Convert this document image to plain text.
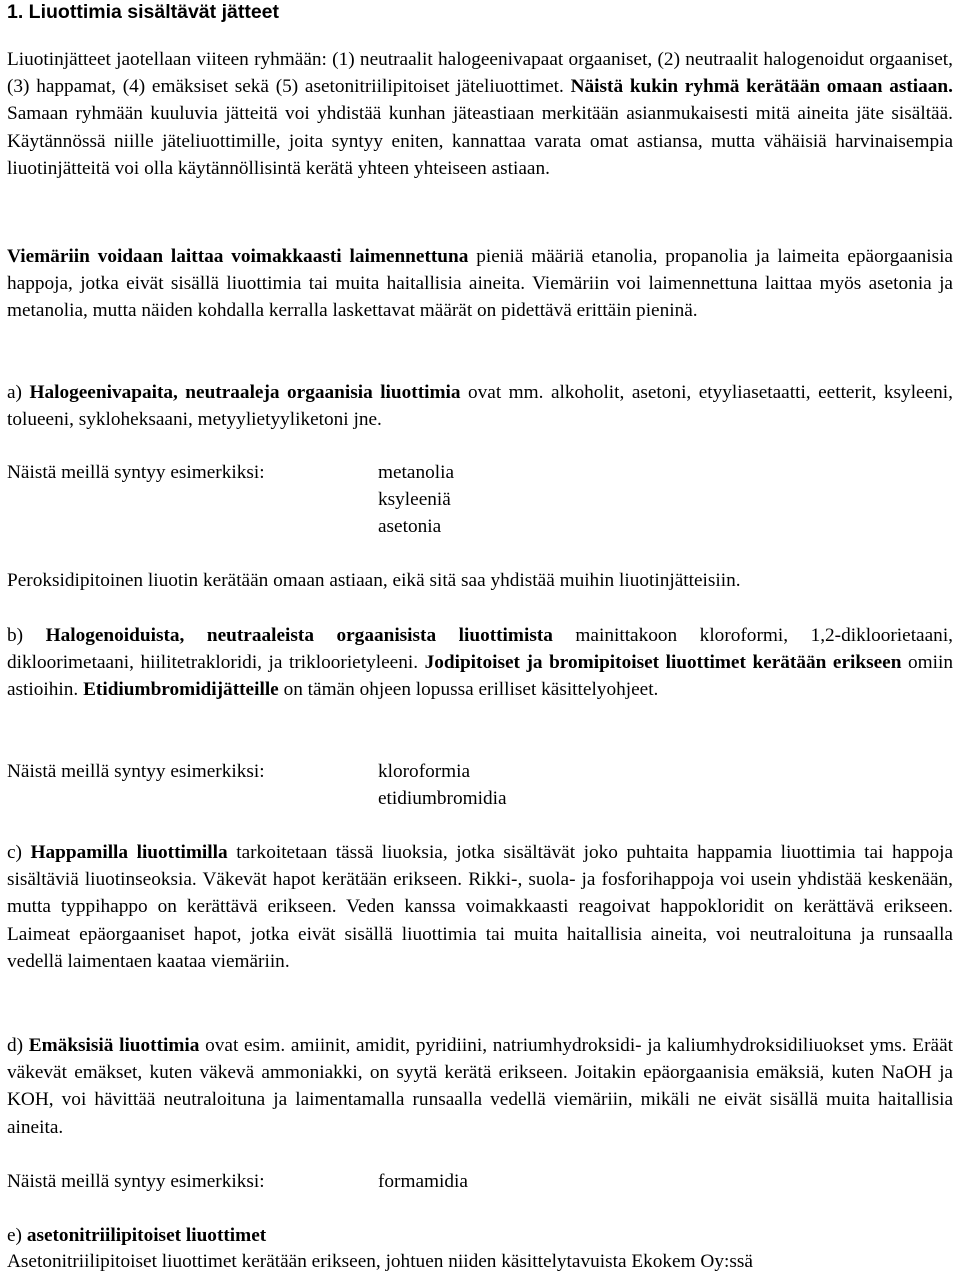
1. Liuottimia sisältävät jätteet

Liuotinjätteet jaotellaan viiteen ryhmään: (1) neutraalit halogeenivapaat orgaaniset, (2) neutraalit halogenoidut orgaaniset, (3) happamat, (4) emäksiset sekä (5) asetonitriilipitoiset jäteliuottimet. Näistä kukin ryhmä kerätään omaan astiaan. Samaan ryhmään kuuluvia jätteitä voi yhdistää kunhan jäteastiaan merkitään asianmukaisesti mitä aineita jäte sisältää. Käytännössä niille jäteliuottimille, joita syntyy eniten, kannattaa varata omat astiansa, mutta vähäisiä harvinaisempia liuotinjätteitä voi olla käytännöllisintä kerätä yhteen yhteiseen astiaan.

Viemäriin voidaan laittaa voimakkaasti laimennettuna pieniä määriä etanolia, propanolia ja laimeita epäorgaanisia happoja, jotka eivät sisällä liuottimia tai muita haitallisia aineita. Viemäriin voi laimennettuna laittaa myös asetonia ja metanolia, mutta näiden kohdalla kerralla laskettavat määrät on pidettävä erittäin pieninä.

a) Halogeenivapaita, neutraaleja orgaanisia liuottimia ovat mm. alkoholit, asetoni, etyyliasetaatti, eetterit, ksyleeni, tolueeni, sykloheksaani, metyylietyyliketoni jne.

Näistä meillä syntyy esimerkiksi:	metanolia
ksyleeniä
asetonia

Peroksidipitoinen liuotin kerätään omaan astiaan, eikä sitä saa yhdistää muihin liuotinjätteisiin.

b) Halogenoiduista, neutraaleista orgaanisista liuottimista mainittakoon kloroformi, 1,2-dikloorietaani, dikloorimetaani, hiilitetrakloridi, ja trikloorietyleeni. Jodipitoiset ja bromipitoiset liuottimet kerätään erikseen omiin astioihin. Etidiumbromidijätteille on tämän ohjeen lopussa erilliset käsittelyohjeet.

Näistä meillä syntyy esimerkiksi:	kloroformia
etidiumbromidia

c) Happamilla liuottimilla tarkoitetaan tässä liuoksia, jotka sisältävät joko puhtaita happamia liuottimia tai happoja sisältäviä liuotinseoksia. Väkevät hapot kerätään erikseen. Rikki-, suola- ja fosforihappoja voi usein yhdistää keskenään, mutta typpihappo on kerättävä erikseen. Veden kanssa voimakkaasti reagoivat happokloridit on kerättävä erikseen. Laimeat epäorgaaniset hapot, jotka eivät sisällä liuottimia tai muita haitallisia aineita, voi neutraloituna ja runsaalla vedellä laimentaen kaataa viemäriin.

d) Emäksisiä liuottimia ovat esim. amiinit, amidit, pyridiini, natriumhydroksidi- ja kaliumhydroksidiliuokset yms. Eräät väkevät emäkset, kuten väkevä ammoniakki, on syytä kerätä erikseen. Joitakin epäorgaanisia emäksiä, kuten NaOH ja KOH, voi hävittää neutraloituna ja laimentamalla runsaalla vedellä viemäriin, mikäli ne eivät sisällä muita haitallisia aineita.

Näistä meillä syntyy esimerkiksi:	formamidia

e) asetonitriilipitoiset liuottimet

Asetonitriilipitoiset liuottimet kerätään erikseen, johtuen niiden käsittelytavuista Ekokem Oy:ssä
